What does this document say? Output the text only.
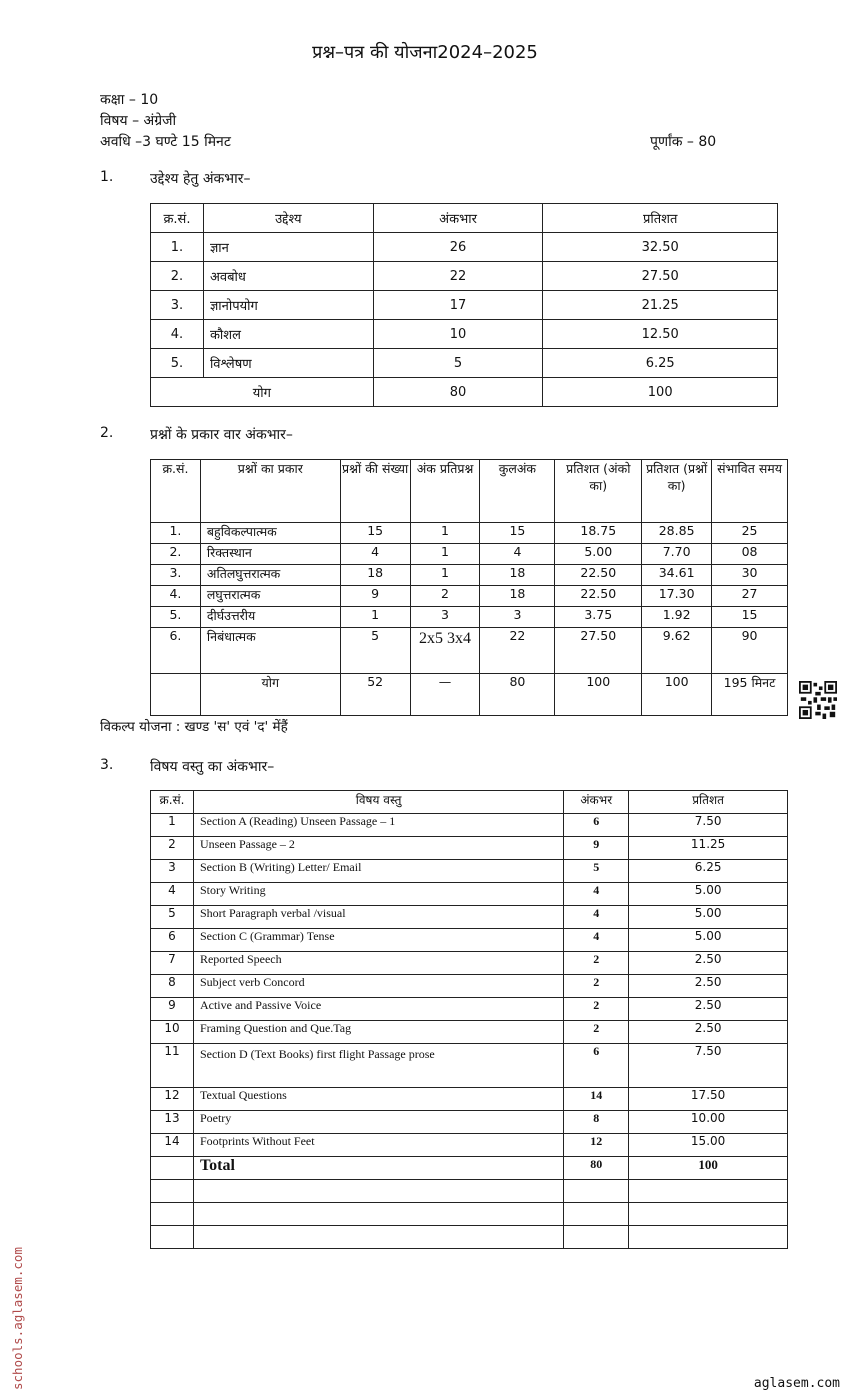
प्रश्न–पत्र की योजना2024–2025
कक्षा – 10
विषय – अंग्रेजी
अवधि –3 घण्टे 15 मिनट	पूर्णांक – 80
1.	उद्देश्य हेतु अंकभार–
क्र.सं.	उद्देश्य	अंकभार	प्रतिशत
1.	ज्ञान	26	32.50
2.	अवबोध	22	27.50
3.	ज्ञानोपयोग	17	21.25
4.	कौशल	10	12.50
5.	विश्लेषण	5	6.25
योग		80	100
2.	प्रश्नों के प्रकार वार अंकभार–
क्र.सं.	प्रश्नों का प्रकार	प्रश्नों की संख्या	अंक प्रतिप्रश्न	कुलअंक	प्रतिशत (अंको का)	प्रतिशत (प्रश्नों का)	संभावित समय
1.	बहुविकल्पात्मक	15	1	15	18.75	28.85	25
2.	रिक्तस्थान	4	1	4	5.00	7.70	08
3.	अतिलघुत्तरात्मक	18	1	18	22.50	34.61	30
4.	लघुत्तरात्मक	9	2	18	22.50	17.30	27
5.	दीर्घउत्तरीय	1	3	3	3.75	1.92	15
6.	निबंधात्मक	5	2x5 3x4	22	27.50	9.62	90
	योग	52	—	80	100	100	195 मिनट
विकल्प योजना : खण्ड 'स' एवं 'द' मेंहैं
3.	विषय वस्तु का अंकभार–
क्र.सं.	विषय वस्तु	अंकभर	प्रतिशत
1	Section A (Reading) Unseen Passage – 1	6	7.50
2	Unseen Passage – 2	9	11.25
3	Section B (Writing) Letter/ Email	5	6.25
4	Story Writing	4	5.00
5	Short Paragraph verbal /visual	4	5.00
6	Section C (Grammar) Tense	4	5.00
7	Reported Speech	2	2.50
8	Subject verb Concord	2	2.50
9	Active and Passive Voice	2	2.50
10	Framing Question and Que.Tag	2	2.50
11	Section D (Text Books) first flight Passage prose	6	7.50
12	Textual Questions	14	17.50
13	Poetry	8	10.00
14	Footprints Without Feet	12	15.00
	Total	80	100

schools.aglasem.com	aglasem.com
